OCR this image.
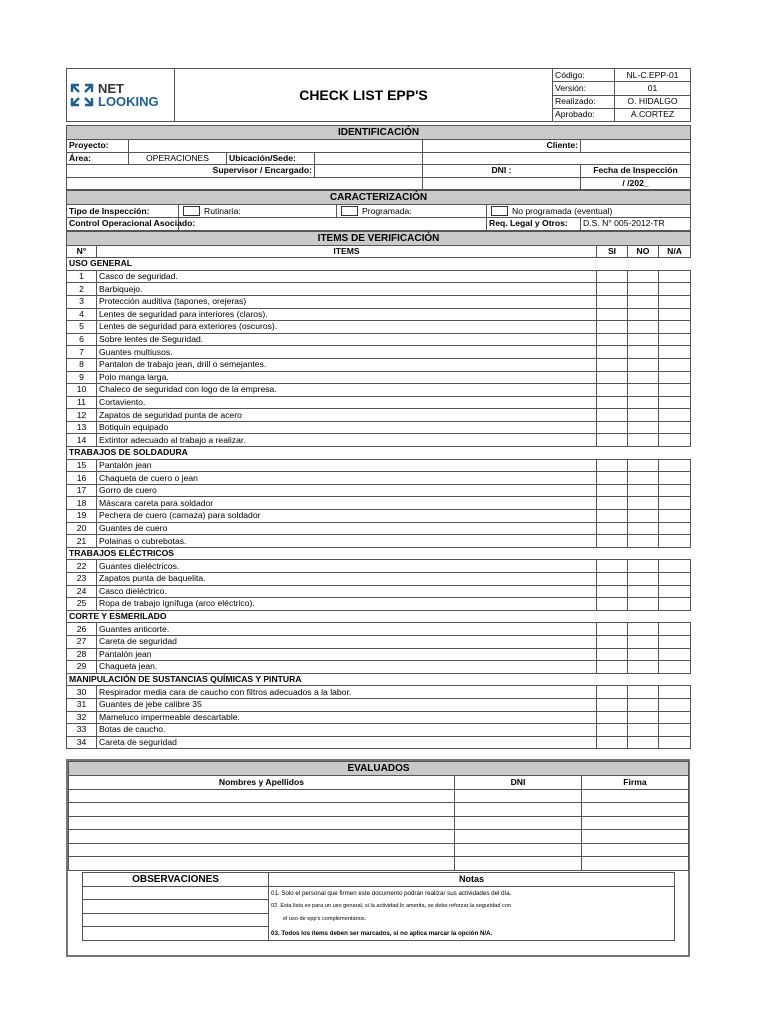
NET
LOOKING	CHECK LIST EPP'S	Código:	NL-C.EPP-01
		Versión:	01
		Realizado:	O. HIDALGO
		Aprobado:	A.CORTEZ
IDENTIFICACIÓN					
Proyecto:				Cliente:	
Área:	OPERACIONES	Ubicación/Sede:			
Supervisor / Encargado:				DNI :	Fecha de Inspección
					/ /202_
CARACTERIZACIÓN				
Tipo de Inspección:	Rutinaria:	Programada:	No programada (eventual)	
Control Operacional Asociado:			Req. Legal y Otros:	D.S. N° 005-2012-TR
ITEMS DE VERIFICACIÓN				
N°	ITEMS	SI	NO	N/A
USO GENERAL				
1	Casco de seguridad.			
2	Barbiquejo.			
3	Protección auditiva (tapones, orejeras)			
4	Lentes de seguridad para interiores (claros).			
5	Lentes de seguridad para exteriores (oscuros).			
6	Sobre lentes de Seguridad.			
7	Guantes multiusos.			
8	Pantalon de trabajo jean, drill o semejantes.			
9	Polo manga larga.			
10	Chaleco de seguridad con logo de la empresa.			
11	Cortaviento.			
12	Zapatos de seguridad punta de acero			
13	Botiquín equipado			
14	Extintor adecuado al trabajo a realizar.			
TRABAJOS DE SOLDADURA				
15	Pantalón jean			
16	Chaqueta de cuero o jean			
17	Gorro de cuero			
18	Máscara careta para soldador			
19	Pechera de cuero (carnaza) para soldador			
20	Guantes de cuero			
21	Polainas o cubrebotas.			
TRABAJOS ELÉCTRICOS				
22	Guantes dieléctricos.			
23	Zapatos punta de baquelita.			
24	Casco dieléctrico.			
25	Ropa de trabajo ignífuga (arco eléctrico).			
CORTE Y ESMERILADO				
26	Guantes anticorte.			
27	Careta de seguridad			
28	Pantalón jean			
29	Chaqueta jean.			
MANIPULACIÓN DE SUSTANCIAS QUÍMICAS Y PINTURA				
30	Respirador media cara de caucho con filtros adecuados a la labor.			
31	Guantes de jebe calibre 35			
32	Mameluco impermeable descartable.			
33	Botas de caucho.			
34	Careta de seguridad			
EVALUADOS		
Nombres y Apellidos	DNI	Firma

OBSERVACIONES	Notas
	01. Solo el personal que firmen este documento podrán realizar sus actividades del día.
	02. Esta lista es para un uso genaral, si la actividad lo amerita, se debe reforzar la seguridad con
	el uso de epp's complementarios.
	03. Todos los ítems deben ser marcados, si no aplica marcar la opción N/A.
